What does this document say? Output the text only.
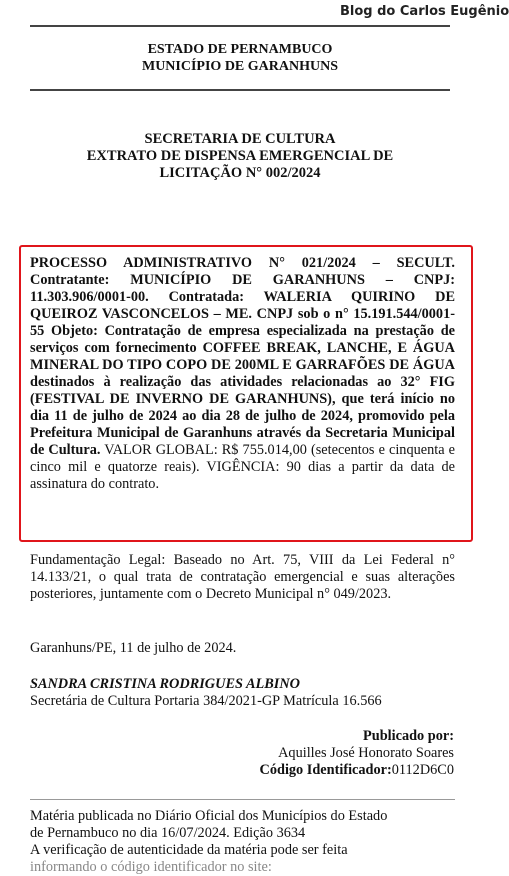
Blog do Carlos Eugênio
ESTADO DE PERNAMBUCO
MUNICÍPIO DE GARANHUNS
SECRETARIA DE CULTURA
EXTRATO DE DISPENSA EMERGENCIAL DE
LICITAÇÃO N° 002/2024

PROCESSO ADMINISTRATIVO N° 021/2024 – SECULT. Contratante: MUNICÍPIO DE GARANHUNS – CNPJ: 11.303.906/0001-00. Contratada: WALERIA QUIRINO DE QUEIROZ VASCONCELOS – ME. CNPJ sob o n° 15.191.544/0001-55 Objeto: Contratação de empresa especializada na prestação de serviços com fornecimento COFFEE BREAK, LANCHE, E ÁGUA MINERAL DO TIPO COPO DE 200ML E GARRAFÕES DE ÁGUA destinados à realização das atividades relacionadas ao 32° FIG (FESTIVAL DE INVERNO DE GARANHUNS), que terá início no dia 11 de julho de 2024 ao dia 28 de julho de 2024, promovido pela Prefeitura Municipal de Garanhuns através da Secretaria Municipal de Cultura. VALOR GLOBAL: R$ 755.014,00 (setecentos e cinquenta e cinco mil e quatorze reais). VIGÊNCIA: 90 dias a partir da data de assinatura do contrato.

Fundamentação Legal: Baseado no Art. 75, VIII da Lei Federal n° 14.133/21, o qual trata de contratação emergencial e suas alterações posteriores, juntamente com o Decreto Municipal n° 049/2023.

Garanhuns/PE, 11 de julho de 2024.
SANDRA CRISTINA RODRIGUES ALBINO
Secretária de Cultura Portaria 384/2021-GP Matrícula 16.566
Publicado por:
Aquilles José Honorato Soares
Código Identificador:0112D6C0
Matéria publicada no Diário Oficial dos Municípios do Estado
de Pernambuco no dia 16/07/2024. Edição 3634
A verificação de autenticidade da matéria pode ser feita
informando o código identificador no site:
